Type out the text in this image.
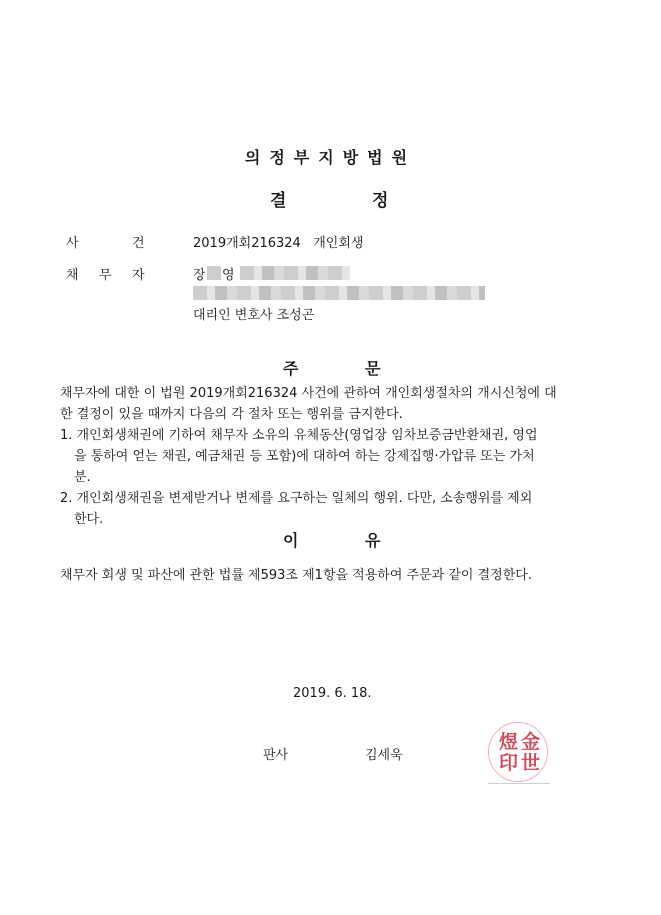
의정부지방법원
결	정
사	건	2019개회216324   개인회생
채 무 자	장 영
대리인 변호사 조성곤
주	문
채무자에 대한 이 법원 2019개회216324 사건에 관하여 개인회생절차의 개시신청에 대
한 결정이 있을 때까지 다음의 각 절차 또는 행위를 금지한다.
1. 개인회생채권에 기하여 채무자 소유의 유체동산(영업장 임차보증금반환채권, 영업
을 통하여 얻는 채권, 예금채권 등 포함)에 대하여 하는 강제집행·가압류 또는 가처
분.
2. 개인회생채권을 변제받거나 변제를 요구하는 일체의 행위. 다만, 소송행위를 제외
한다.
이	유
채무자 회생 및 파산에 관한 법률 제593조 제1항을 적용하여 주문과 같이 결정한다.
2019. 6. 18.
판사	김세욱
金
世
煜
印
